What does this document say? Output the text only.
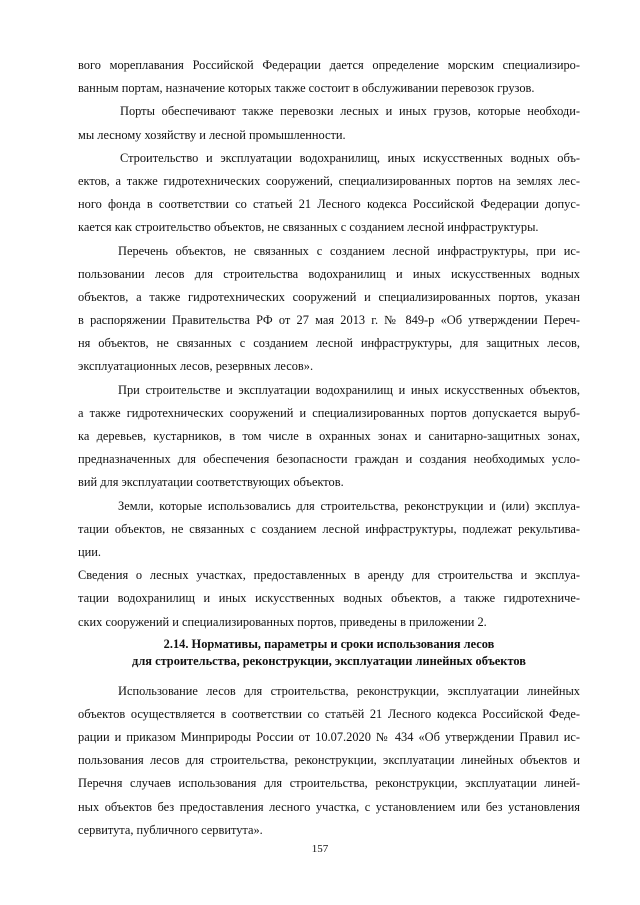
вого мореплавания Российской Федерации дается определение морским специализиро-
ванным портам, назначение которых также состоит в обслуживании перевозок грузов.
Порты обеспечивают также перевозки лесных и иных грузов, которые необходи-
мы лесному хозяйству и лесной промышленности.
Строительство и эксплуатации водохранилищ, иных искусственных водных объ-
ектов, а также гидротехнических сооружений, специализированных портов на землях лес-
ного фонда в соответствии со статьей 21 Лесного кодекса Российской Федерации допус-
кается как строительство объектов, не связанных с созданием лесной инфраструктуры.
Перечень объектов, не связанных с созданием лесной инфраструктуры, при ис-
пользовании лесов для строительства водохранилищ и иных искусственных водных
объектов, а также гидротехнических сооружений и специализированных портов, указан
в распоряжении Правительства РФ от 27 мая 2013 г. № 849-р «Об утверждении Переч-
ня объектов, не связанных с созданием лесной инфраструктуры, для защитных лесов,
эксплуатационных лесов, резервных лесов».
При строительстве и эксплуатации водохранилищ и иных искусственных объектов,
а также гидротехнических сооружений и специализированных портов допускается выруб-
ка деревьев, кустарников, в том числе в охранных зонах и санитарно-защитных зонах,
предназначенных для обеспечения безопасности граждан и создания необходимых усло-
вий для эксплуатации соответствующих объектов.
Земли, которые использовались для строительства, реконструкции и (или) эксплуа-
тации объектов, не связанных с созданием лесной инфраструктуры, подлежат рекультива-
ции.
Сведения о лесных участках, предоставленных в аренду для строительства и эксплуа-
тации водохранилищ и иных искусственных водных объектов, а также гидротехниче-
ских сооружений и специализированных портов, приведены в приложении 2.
2.14. Нормативы, параметры и сроки использования лесов
для строительства, реконструкции, эксплуатации линейных объектов
Использование лесов для строительства, реконструкции, эксплуатации линейных
объектов осуществляется в соответствии со статьёй 21 Лесного кодекса Российской Феде-
рации и приказом Минприроды России от 10.07.2020 № 434 «Об утверждении Правил ис-
пользования лесов для строительства, реконструкции, эксплуатации линейных объектов и
Перечня случаев использования для строительства, реконструкции, эксплуатации линей-
ных объектов без предоставления лесного участка, с установлением или без установления
сервитута, публичного сервитута».
157
